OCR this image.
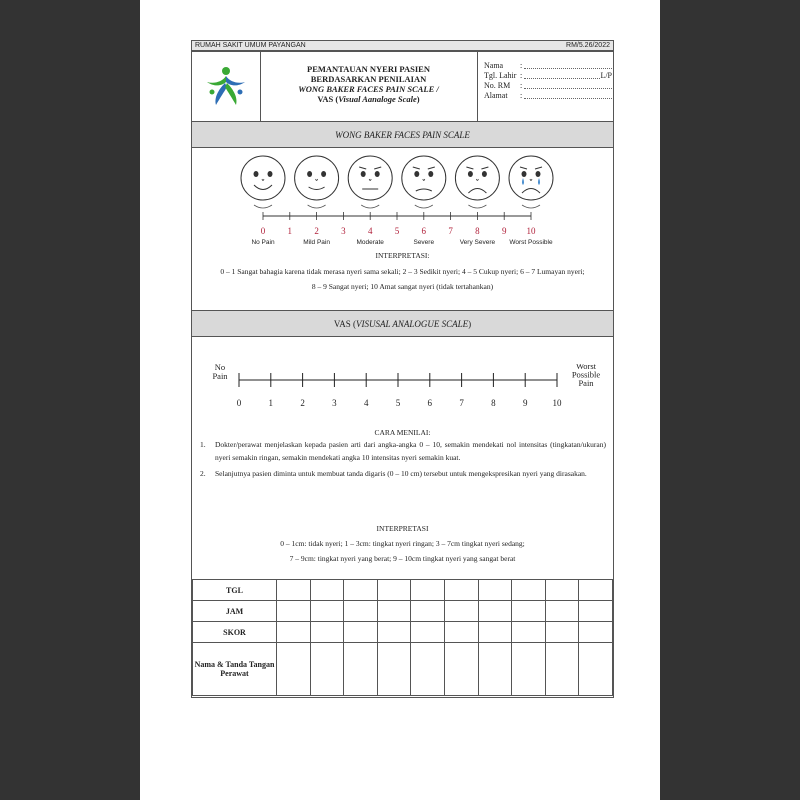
RUMAH SAKIT UMUM PAYANGAN	RM/5.26/2022
PEMANTAUAN NYERI PASIEN
BERDASARKAN PENILAIAN
WONG BAKER FACES PAIN SCALE /
VAS (Visual Aanaloge Scale)
Nama	:
Tgl. Lahir :	L/P
No. RM	:
Alamat	:
WONG BAKER FACES PAIN SCALE
No Pain	Mild Pain	Moderate	Severe	Very Severe Worst Possible
0 1 2 3 4 5 6 7 8 9 10
INTERPRETASI:
0 – 1 Sangat bahagia karena tidak merasa nyeri sama sekali; 2 – 3 Sedikit nyeri; 4 – 5 Cukup nyeri; 6 – 7 Lumayan nyeri;
8 – 9 Sangat nyeri; 10 Amat sangat nyeri (tidak tertahankan)
VAS (VISUSAL ANALOGUE SCALE)
0	1	2	3	4	5	6	7	8	9	10
No
Pain
Worst
Possible
Pain
CARA MENILAI:
1.	Dokter/perawat menjelaskan kepada pasien arti dari angka-angka 0 – 10, semakin mendekati nol intensitas (tingkatan/ukuran) nyeri semakin ringan, semakin mendekati angka 10 intensitas nyeri semakin kuat.
2.	Selanjutnya pasien diminta untuk membuat tanda digaris (0 – 10 cm) tersebut untuk mengekspresikan nyeri yang dirasakan.
INTERPRETASI
0 – 1cm: tidak nyeri; 1 – 3cm: tingkat nyeri ringan; 3 – 7cm tingkat nyeri sedang;
7 – 9cm: tingkat nyeri yang berat; 9 – 10cm tingkat nyeri yang sangat berat
TGL										
JAM										
SKOR										
Nama & Tanda Tangan Perawat										
